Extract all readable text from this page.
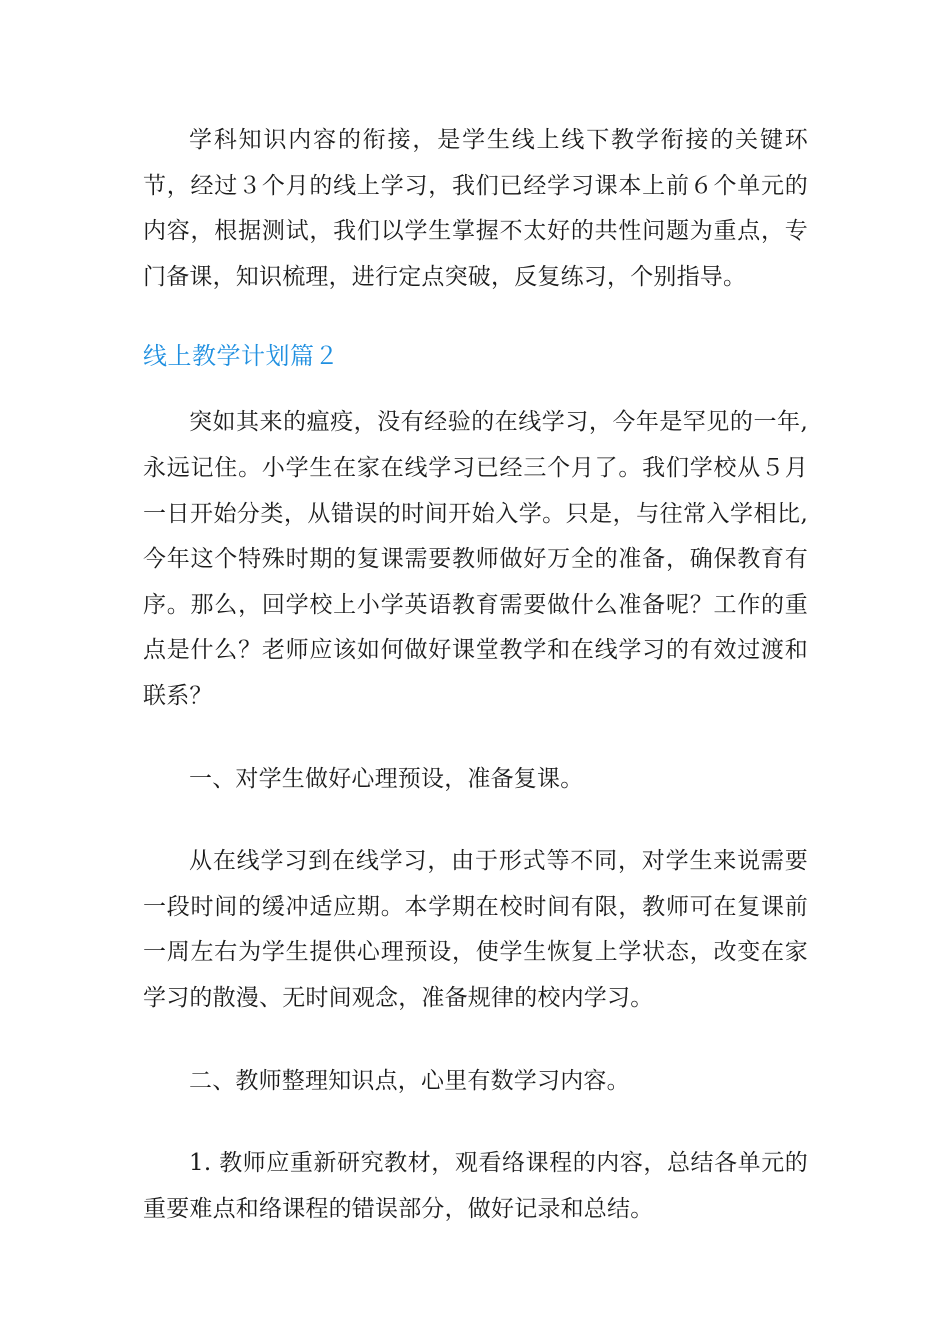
学科知识内容的衔接，是学生线上线下教学衔接的关键环节，经过３个月的线上学习，我们已经学习课本上前６个单元的内容，根据测试，我们以学生掌握不太好的共性问题为重点，专门备课，知识梳理，进行定点突破，反复练习，个别指导。

线上教学计划篇２

突如其来的瘟疫，没有经验的在线学习，今年是罕见的一年,永远记住。小学生在家在线学习已经三个月了。我们学校从５月一日开始分类，从错误的时间开始入学。只是，与往常入学相比,今年这个特殊时期的复课需要教师做好万全的准备，确保教育有序。那么，回学校上小学英语教育需要做什么准备呢？工作的重点是什么？老师应该如何做好课堂教学和在线学习的有效过渡和联系？

一、对学生做好心理预设，准备复课。

从在线学习到在线学习，由于形式等不同，对学生来说需要一段时间的缓冲适应期。本学期在校时间有限，教师可在复课前一周左右为学生提供心理预设，使学生恢复上学状态，改变在家学习的散漫、无时间观念，准备规律的校内学习。

二、教师整理知识点，心里有数学习内容。

1. 教师应重新研究教材，观看络课程的内容，总结各单元的重要难点和络课程的错误部分，做好记录和总结。
